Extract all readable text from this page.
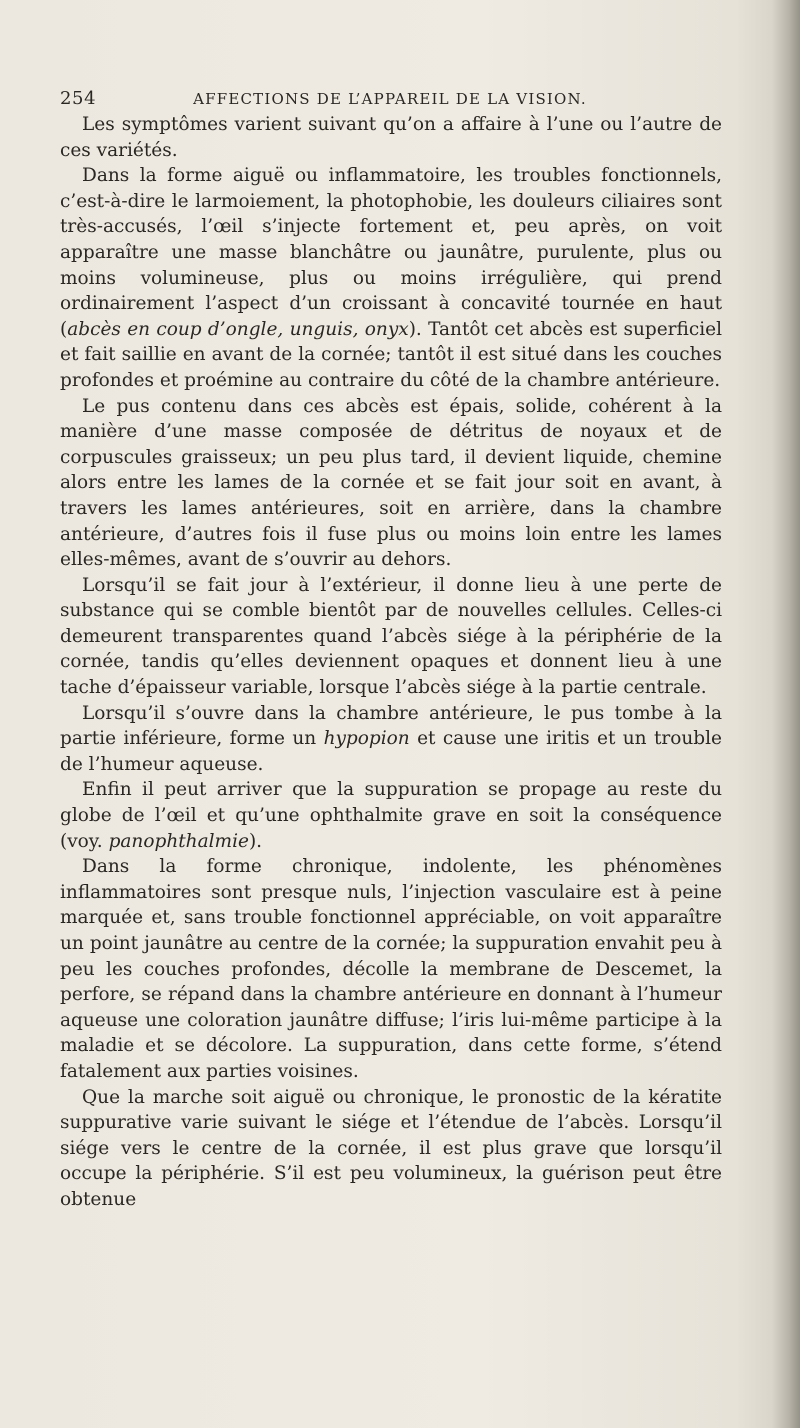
254	AFFECTIONS DE L’APPAREIL DE LA VISION.

Les symptômes varient suivant qu’on a affaire à l’une ou l’autre de ces variétés.

Dans la forme aiguë ou inflammatoire, les troubles fonctionnels, c’est-à-dire le larmoiement, la photophobie, les douleurs ciliaires sont très-accusés, l’œil s’injecte fortement et, peu après, on voit apparaître une masse blanchâtre ou jaunâtre, purulente, plus ou moins volumineuse, plus ou moins irrégulière, qui prend ordinairement l’aspect d’un croissant à concavité tournée en haut (abcès en coup d’ongle, unguis, onyx). Tantôt cet abcès est superficiel et fait saillie en avant de la cornée; tantôt il est situé dans les couches profondes et proémine au contraire du côté de la chambre antérieure.

Le pus contenu dans ces abcès est épais, solide, cohérent à la manière d’une masse composée de détritus de noyaux et de corpuscules graisseux; un peu plus tard, il devient liquide, chemine alors entre les lames de la cornée et se fait jour soit en avant, à travers les lames antérieures, soit en arrière, dans la chambre antérieure, d’autres fois il fuse plus ou moins loin entre les lames elles-mêmes, avant de s’ouvrir au dehors.

Lorsqu’il se fait jour à l’extérieur, il donne lieu à une perte de substance qui se comble bientôt par de nouvelles cellules. Celles-ci demeurent transparentes quand l’abcès siége à la périphérie de la cornée, tandis qu’elles deviennent opaques et donnent lieu à une tache d’épaisseur variable, lorsque l’abcès siége à la partie centrale.

Lorsqu’il s’ouvre dans la chambre antérieure, le pus tombe à la partie inférieure, forme un hypopion et cause une iritis et un trouble de l’humeur aqueuse.

Enfin il peut arriver que la suppuration se propage au reste du globe de l’œil et qu’une ophthalmite grave en soit la conséquence (voy. panophthalmie).

Dans la forme chronique, indolente, les phénomènes inflammatoires sont presque nuls, l’injection vasculaire est à peine marquée et, sans trouble fonctionnel appréciable, on voit apparaître un point jaunâtre au centre de la cornée; la suppuration envahit peu à peu les couches profondes, décolle la membrane de Descemet, la perfore, se répand dans la chambre antérieure en donnant à l’humeur aqueuse une coloration jaunâtre diffuse; l’iris lui-même participe à la maladie et se décolore. La suppuration, dans cette forme, s’étend fatalement aux parties voisines.

Que la marche soit aiguë ou chronique, le pronostic de la kératite suppurative varie suivant le siége et l’étendue de l’abcès. Lorsqu’il siége vers le centre de la cornée, il est plus grave que lorsqu’il occupe la périphérie. S’il est peu volumineux, la guérison peut être obtenue
